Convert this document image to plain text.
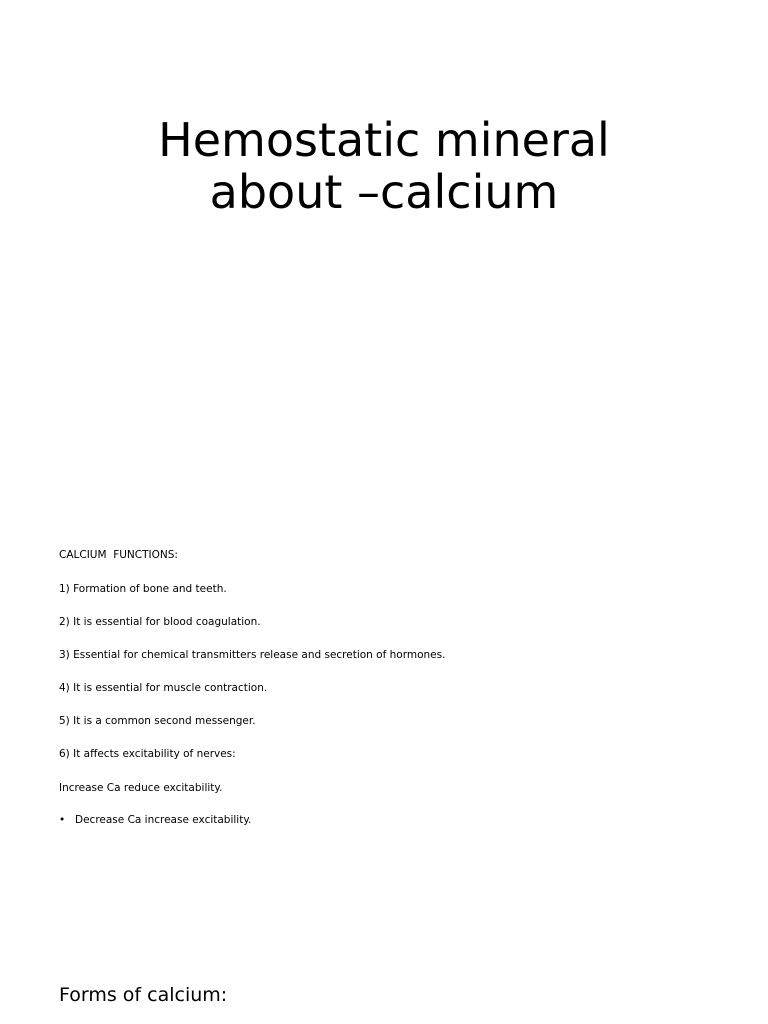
Hemostatic mineral
about –calcium
CALCIUM  FUNCTIONS:
1) Formation of bone and teeth.
2) It is essential for blood coagulation.
3) Essential for chemical transmitters release and secretion of hormones.
4) It is essential for muscle contraction.
5) It is a common second messenger.
6) It affects excitability of nerves:
Increase Ca reduce excitability.
• Decrease Ca increase excitability.
Forms of calcium:
